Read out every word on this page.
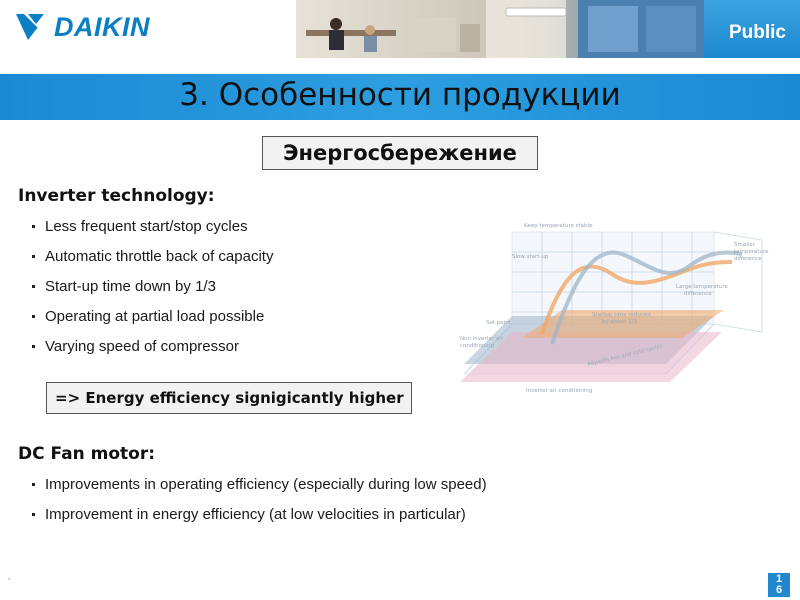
DAIKIN	Public
3. Особенности продукции
Энергосбережение
Inverter technology:
Less frequent start/stop cycles
Automatic throttle back of capacity
Start-up time down by 1/3
Operating at partial load possible
Varying speed of compressor
=> Energy efficiency signigicantly higher
Keep temperature stable
Slow start-up
Smaller
temperature
difference
Large temperature
difference
Set point
Startup time reduced
by about 1/3
Non inverter air
conditioning	Repeats hot and cold cycles
Inverter air conditioning
DC Fan motor:
Improvements in operating efficiency (especially during low speed)
Improvement in energy efficiency (at low velocities in particular)
*	1
6
